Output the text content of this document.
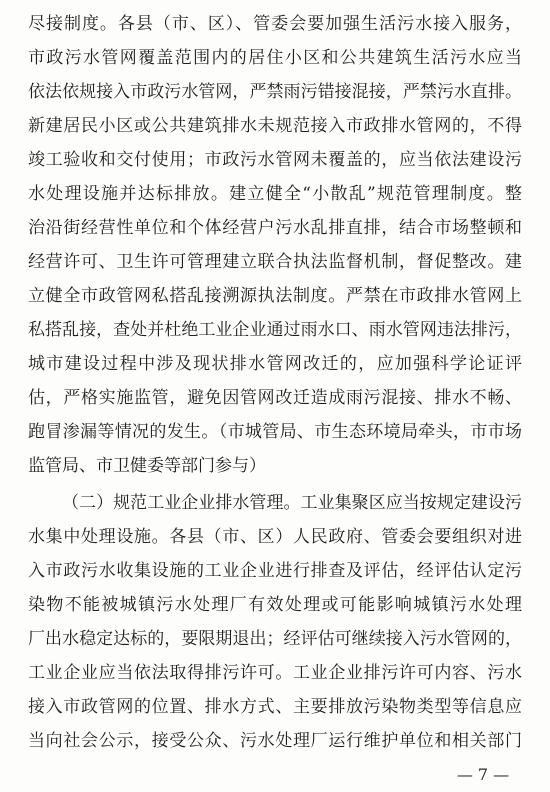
尽接制度。各县（市、区）、管委会要加强生活污水接入服务，
市政污水管网覆盖范围内的居住小区和公共建筑生活污水应当
依法依规接入市政污水管网，严禁雨污错接混接，严禁污水直排。
新建居民小区或公共建筑排水未规范接入市政排水管网的，不得
竣工验收和交付使用；市政污水管网未覆盖的，应当依法建设污
水处理设施并达标排放。建立健全“小散乱”规范管理制度。整
治沿街经营性单位和个体经营户污水乱排直排，结合市场整顿和
经营许可、卫生许可管理建立联合执法监督机制，督促整改。建
立健全市政管网私搭乱接溯源执法制度。严禁在市政排水管网上
私搭乱接，查处并杜绝工业企业通过雨水口、雨水管网违法排污，
城市建设过程中涉及现状排水管网改迁的，应加强科学论证评
估，严格实施监管，避免因管网改迁造成雨污混接、排水不畅、
跑冒渗漏等情况的发生。（市城管局、市生态环境局牵头，市市场
监管局、市卫健委等部门参与）
（二）规范工业企业排水管理。工业集聚区应当按规定建设污
水集中处理设施。各县（市、区）人民政府、管委会要组织对进
入市政污水收集设施的工业企业进行排查及评估，经评估认定污
染物不能被城镇污水处理厂有效处理或可能影响城镇污水处理
厂出水稳定达标的，要限期退出；经评估可继续接入污水管网的，
工业企业应当依法取得排污许可。工业企业排污许可内容、污水
接入市政管网的位置、排水方式、主要排放污染物类型等信息应
当向社会公示，接受公众、污水处理厂运行维护单位和相关部门
— 7 —
